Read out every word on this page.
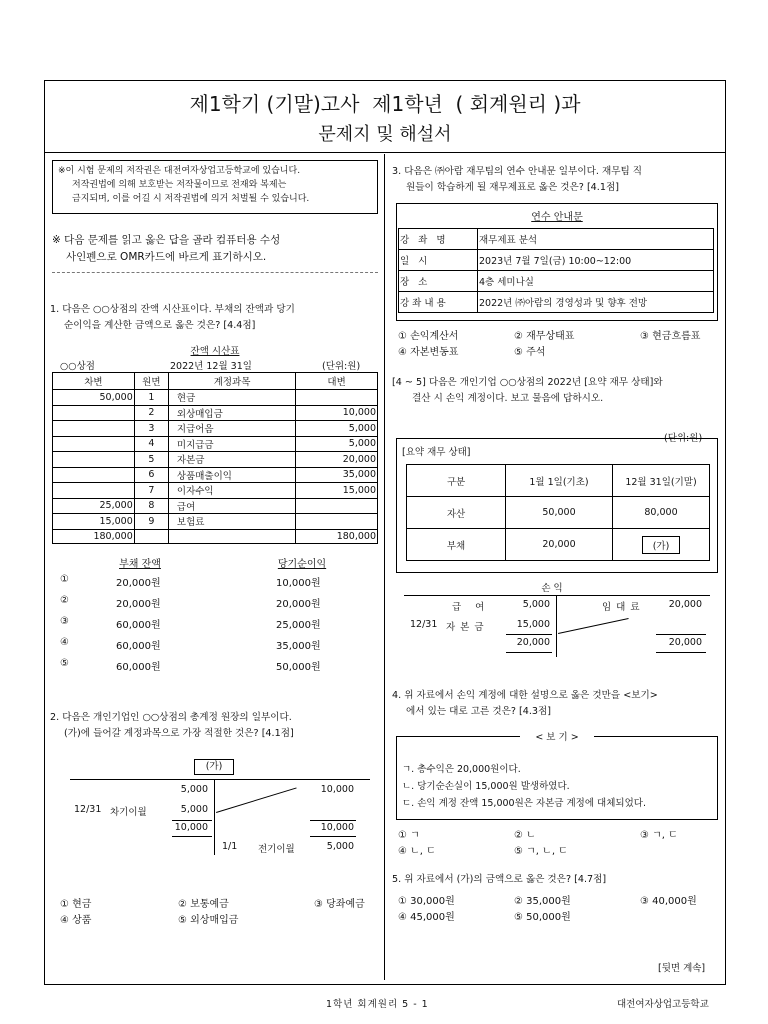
제1학기 (기말)고사  제1학년  ( 회계원리 )과
문제지 및 해설서
※이 시험 문제의 저작권은 대전여자상업고등학교에 있습니다.
저작권법에 의해 보호받는 저작물이므로 전재와 복제는
금지되며, 이를 어길 시 저작권법에 의거 처벌될 수 있습니다.
※ 다음 문제를 읽고 옳은 답을 골라 컴퓨터용 수성
사인펜으로 OMR카드에 바르게 표기하시오.
1. 다음은 ○○상점의 잔액 시산표이다. 부채의 잔액과 당기
순이익을 계산한 금액으로 옳은 것은? [4.4점]
잔액 시산표
○○상점	2022년 12월 31일	(단위:원)
차변	원면	계정과목	대변
50,000	1	현금	
	2	외상매입금	10,000
	3	지급어음	5,000
	4	미지급금	5,000
	5	자본금	20,000
	6	상품매출이익	35,000
	7	이자수익	15,000
25,000	8	급여	
15,000	9	보험료	
180,000			180,000
부채 잔액	당기순이익
①	20,000원	10,000원
②	20,000원	20,000원
③	60,000원	25,000원
④	60,000원	35,000원
⑤	60,000원	50,000원
2. 다음은 개인기업인 ○○상점의 총계정 원장의 일부이다.
(가)에 들어갈 계정과목으로 가장 적절한 것은? [4.1점]
(가)
5,000
12/31 차기이월	5,000
10,000
10,000	10,000
1/1 전기이월	5,000
① 현금	② 보통예금	③ 당좌예금
④ 상품	⑤ 외상매입금
3. 다음은 ㈜아람 재무팀의 연수 안내문 일부이다. 재무팀 직
원들이 학습하게 될 재무제표로 옳은 것은? [4.1점]
연수 안내문
강좌명	재무제표 분석
일시	2023년 7월 7일(금) 10:00~12:00
장소	4층 세미나실
강좌내용	2022년 ㈜아람의 경영성과 및 향후 전망
① 손익계산서	② 재무상태표	③ 현금흐름표
④ 자본변동표	⑤ 주석
[4 ~ 5] 다음은 개인기업 ○○상점의 2022년 [요약 재무 상태]와
결산 시 손익 계정이다. 보고 물음에 답하시오.
(단위:원)
[요약 재무 상태]
구분	1월 1일(기초)	12월 31일(기말)
자산	50,000	80,000
부채	20,000	(가)
손 익
급여	5,000
12/31 자본금	15,000
임대료	20,000
20,000	20,000
4. 위 자료에서 손익 계정에 대한 설명으로 옳은 것만을 <보기>
에서 있는 대로 고른 것은? [4.3점]
< 보 기 >
ㄱ. 총수익은 20,000원이다.
ㄴ. 당기순손실이 15,000원 발생하였다.
ㄷ. 손익 계정 잔액 15,000원은 자본금 계정에 대체되었다.
① ㄱ	② ㄴ	③ ㄱ, ㄷ
④ ㄴ, ㄷ	⑤ ㄱ, ㄴ, ㄷ
5. 위 자료에서 (가)의 금액으로 옳은 것은? [4.7점]
① 30,000원	② 35,000원	③ 40,000원
④ 45,000원	⑤ 50,000원
[뒷면 계속]
1학년 회계원리 5 - 1	대전여자상업고등학교
